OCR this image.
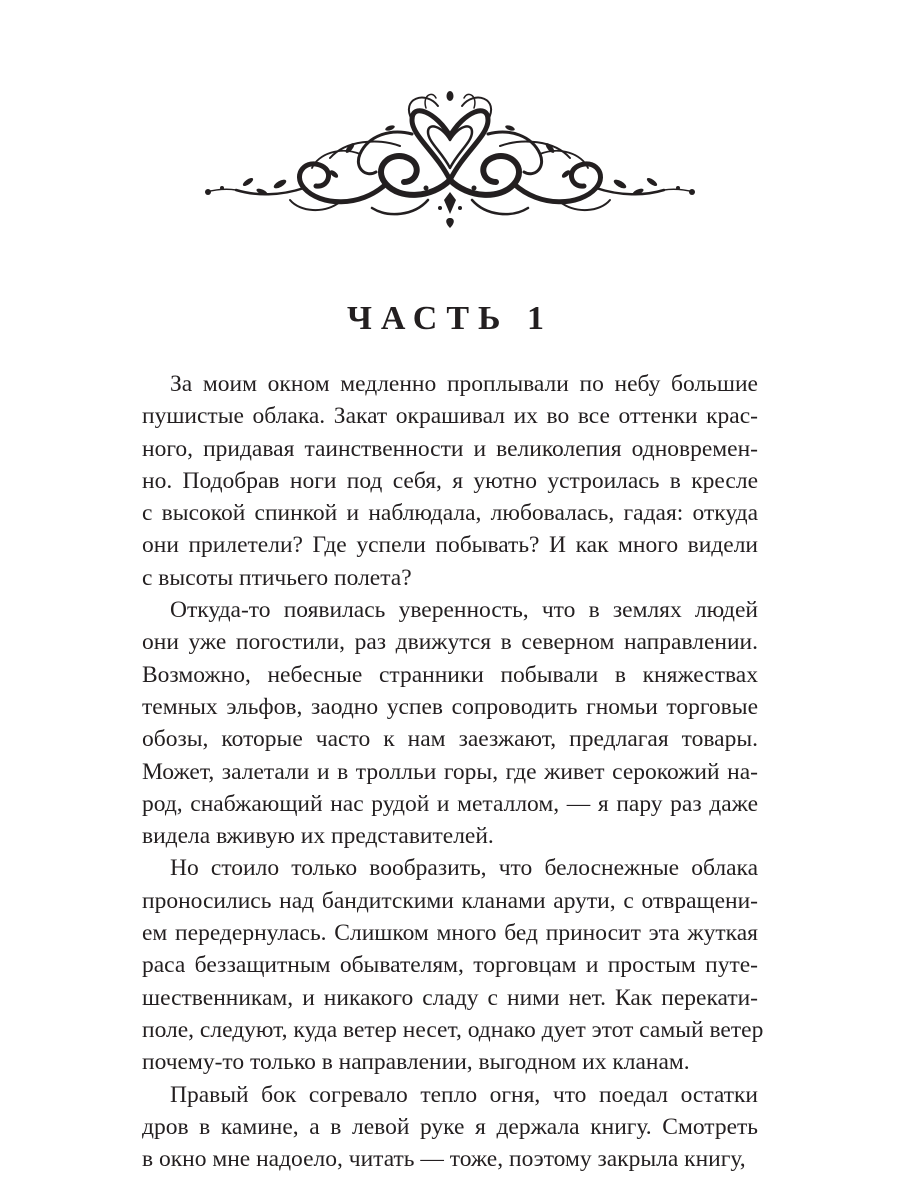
ЧАСТЬ 1
За моим окном медленно проплывали по небу большие
пушистые облака. Закат окрашивал их во все оттенки крас-
ного, придавая таинственности и великолепия одновремен-
но. Подобрав ноги под себя, я уютно устроилась в кресле
с высокой спинкой и наблюдала, любовалась, гадая: откуда
они прилетели? Где успели побывать? И как много видели
с высоты птичьего полета?
Откуда-то появилась уверенность, что в землях людей
они уже погостили, раз движутся в северном направлении.
Возможно, небесные странники побывали в княжествах
темных эльфов, заодно успев сопроводить гномьи торговые
обозы, которые часто к нам заезжают, предлагая товары.
Может, залетали и в тролльи горы, где живет серокожий на-
род, снабжающий нас рудой и металлом, — я пару раз даже
видела вживую их представителей.
Но стоило только вообразить, что белоснежные облака
проносились над бандитскими кланами арути, с отвращени-
ем передернулась. Слишком много бед приносит эта жуткая
раса беззащитным обывателям, торговцам и простым путе-
шественникам, и никакого сладу с ними нет. Как перекати-
поле, следуют, куда ветер несет, однако дует этот самый ветер
почему-то только в направлении, выгодном их кланам.
Правый бок согревало тепло огня, что поедал остатки
дров в камине, а в левой руке я держала книгу. Смотреть
в окно мне надоело, читать — тоже, поэтому закрыла книгу,
